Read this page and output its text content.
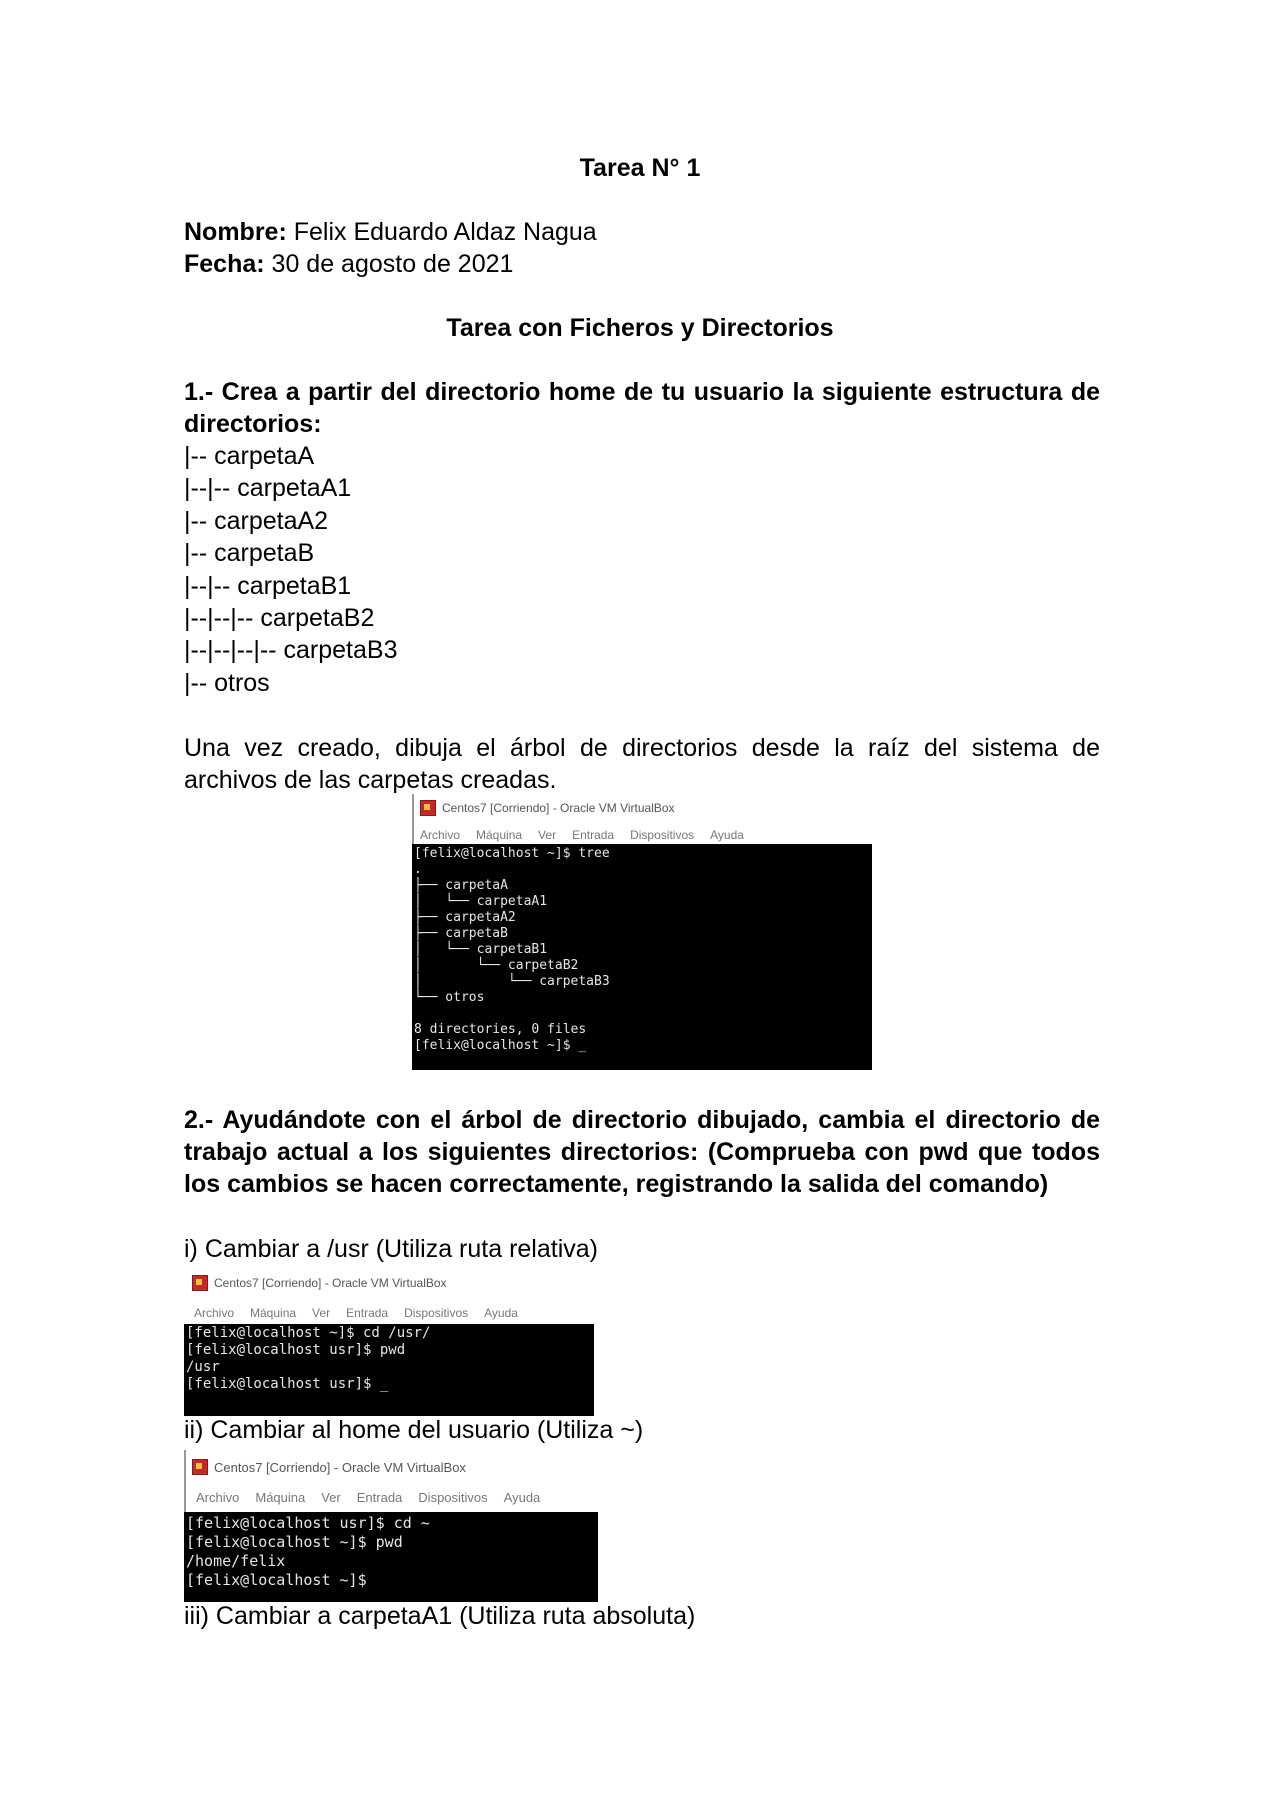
Tarea N° 1
Nombre: Felix Eduardo Aldaz Nagua
Fecha: 30 de agosto de 2021
Tarea con Ficheros y Directorios
1.- Crea a partir del directorio home de tu usuario la siguiente estructura de directorios:
|-- carpetaA
|--|-- carpetaA1
|-- carpetaA2
|-- carpetaB
|--|-- carpetaB1
|--|--|-- carpetaB2
|--|--|--|-- carpetaB3
|-- otros
Una vez creado, dibuja el árbol de directorios desde la raíz del sistema de archivos de las carpetas creadas.
Centos7 [Corriendo] - Oracle VM VirtualBox
Archivo Máquina Ver Entrada Dispositivos Ayuda
[felix@localhost ~]$ tree
.
├── carpetaA
│   └── carpetaA1
├── carpetaA2
├── carpetaB
│   └── carpetaB1
│       └── carpetaB2
│           └── carpetaB3
└── otros
8 directories, 0 files
[felix@localhost ~]$ _
2.- Ayudándote con el árbol de directorio dibujado, cambia el directorio de trabajo actual a los siguientes directorios: (Comprueba con pwd que todos los cambios se hacen correctamente, registrando la salida del comando)
i) Cambiar a /usr (Utiliza ruta relativa)
Centos7 [Corriendo] - Oracle VM VirtualBox
Archivo Máquina Ver Entrada Dispositivos Ayuda
[felix@localhost ~]$ cd /usr/
[felix@localhost usr]$ pwd
/usr
[felix@localhost usr]$ _
ii) Cambiar al home del usuario (Utiliza ~)
Centos7 [Corriendo] - Oracle VM VirtualBox
Archivo Máquina Ver Entrada Dispositivos Ayuda
[felix@localhost usr]$ cd ~
[felix@localhost ~]$ pwd
/home/felix
[felix@localhost ~]$
iii) Cambiar a carpetaA1 (Utiliza ruta absoluta)
